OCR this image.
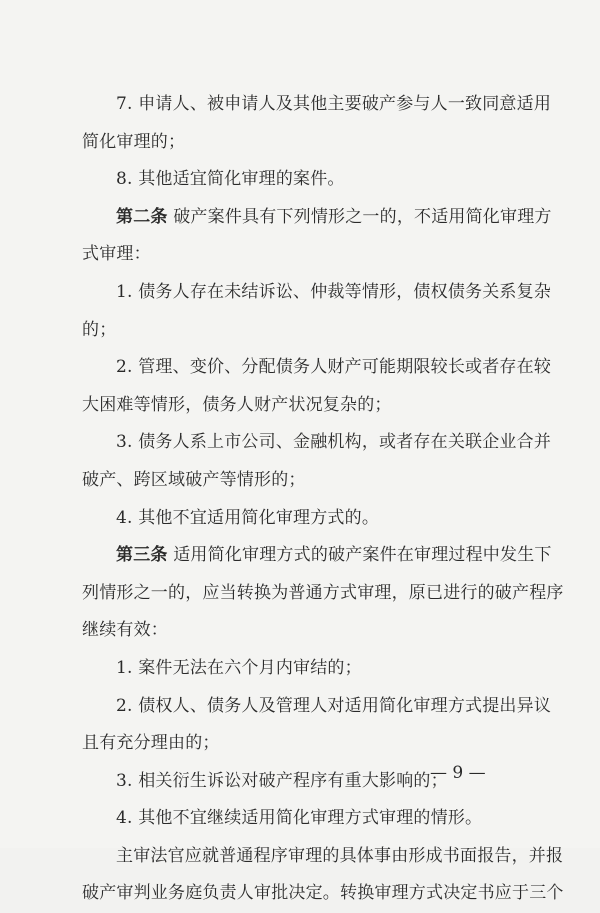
7. 申请人、被申请人及其他主要破产参与人一致同意适用
简化审理的；
8. 其他适宜简化审理的案件。
第二条 破产案件具有下列情形之一的，不适用简化审理方
式审理：
1. 债务人存在未结诉讼、仲裁等情形，债权债务关系复杂
的；
2. 管理、变价、分配债务人财产可能期限较长或者存在较
大困难等情形，债务人财产状况复杂的；
3. 债务人系上市公司、金融机构，或者存在关联企业合并
破产、跨区域破产等情形的；
4. 其他不宜适用简化审理方式的。
第三条 适用简化审理方式的破产案件在审理过程中发生下
列情形之一的，应当转换为普通方式审理，原已进行的破产程序
继续有效：
1. 案件无法在六个月内审结的；
2. 债权人、债务人及管理人对适用简化审理方式提出异议
且有充分理由的；
3. 相关衍生诉讼对破产程序有重大影响的；
4. 其他不宜继续适用简化审理方式审理的情形。
主审法官应就普通程序审理的具体事由形成书面报告，并报
破产审判业务庭负责人审批决定。转换审理方式决定书应于三个
— 9 —
